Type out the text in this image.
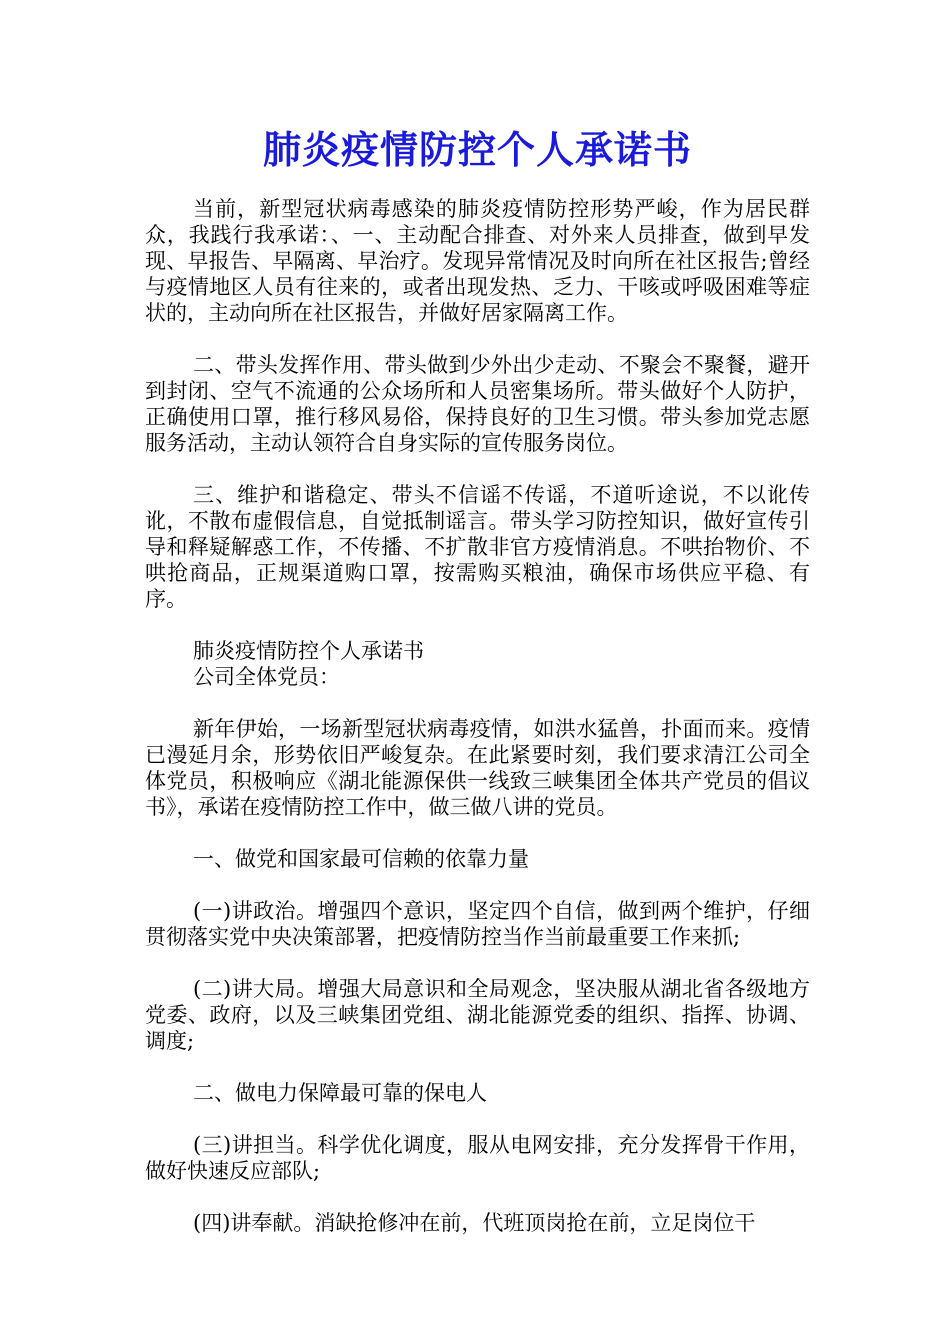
肺炎疫情防控个人承诺书

当前，新型冠状病毒感染的肺炎疫情防控形势严峻，作为居民群众，我践行我承诺：、一、主动配合排查、对外来人员排查，做到早发现、早报告、早隔离、早治疗。发现异常情况及时向所在社区报告;曾经与疫情地区人员有往来的，或者出现发热、乏力、干咳或呼吸困难等症状的，主动向所在社区报告，并做好居家隔离工作。

二、带头发挥作用、带头做到少外出少走动、不聚会不聚餐，避开到封闭、空气不流通的公众场所和人员密集场所。带头做好个人防护，正确使用口罩，推行移风易俗，保持良好的卫生习惯。带头参加党志愿服务活动，主动认领符合自身实际的宣传服务岗位。

三、维护和谐稳定、带头不信谣不传谣，不道听途说，不以讹传讹，不散布虚假信息，自觉抵制谣言。带头学习防控知识，做好宣传引导和释疑解惑工作，不传播、不扩散非官方疫情消息。不哄抬物价、不哄抢商品，正规渠道购口罩，按需购买粮油，确保市场供应平稳、有序。

肺炎疫情防控个人承诺书

公司全体党员：

新年伊始，一场新型冠状病毒疫情，如洪水猛兽，扑面而来。疫情已漫延月余，形势依旧严峻复杂。在此紧要时刻，我们要求清江公司全体党员，积极响应《湖北能源保供一线致三峡集团全体共产党员的倡议书》，承诺在疫情防控工作中，做三做八讲的党员。

一、做党和国家最可信赖的依靠力量

(一)讲政治。增强四个意识，坚定四个自信，做到两个维护，仔细贯彻落实党中央决策部署，把疫情防控当作当前最重要工作来抓;

(二)讲大局。增强大局意识和全局观念，坚决服从湖北省各级地方党委、政府，以及三峡集团党组、湖北能源党委的组织、指挥、协调、调度;

二、做电力保障最可靠的保电人

(三)讲担当。科学优化调度，服从电网安排，充分发挥骨干作用，做好快速反应部队;

(四)讲奉献。消缺抢修冲在前，代班顶岗抢在前，立足岗位干
